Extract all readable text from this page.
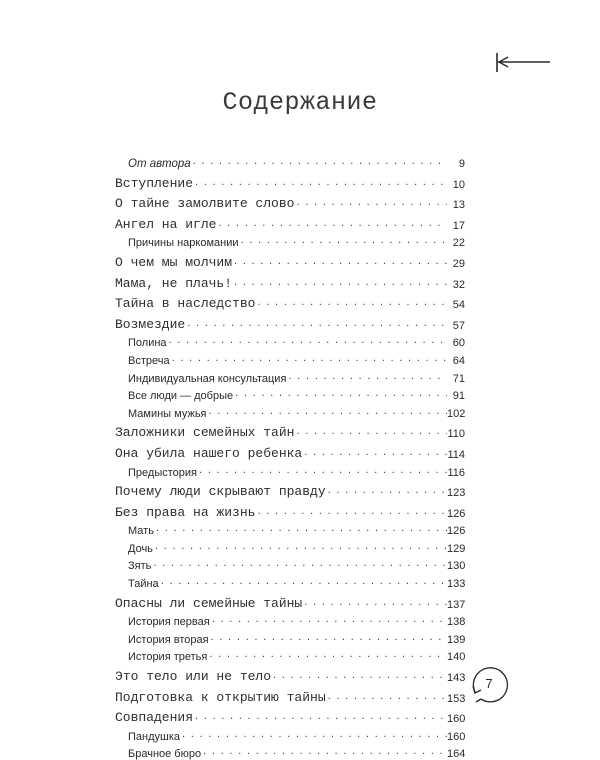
Содержание
От автора . . .	9
Вступление . . .	10
О тайне замолвите слово . . .	13
Ангел на игле . . .	17
Причины наркомании . . .	22
О чем мы молчим . . .	29
Мама, не плачь! . . .	32
Тайна в наследство . . .	54
Возмездие . . .	57
Полина . . .	60
Встреча . . .	64
Индивидуальная консультация . . .	71
Все люди — добрые . . .	91
Мамины мужья . . .	102
Заложники семейных тайн . . .	110
Она убила нашего ребенка . . .	114
Предыстория . . .	116
Почему люди скрывают правду . . .	123
Без права на жизнь . . .	126
Мать . . .	126
Дочь . . .	129
Зять . . .	130
Тайна . . .	133
Опасны ли семейные тайны . . .	137
История первая . . .	138
История вторая . . .	139
История третья . . .	140
Это тело или не тело . . .	143
Подготовка к открытию тайны . . .	153
Совпадения . . .	160
Пандушка . . .	160
Брачное бюро . . .	164
7
